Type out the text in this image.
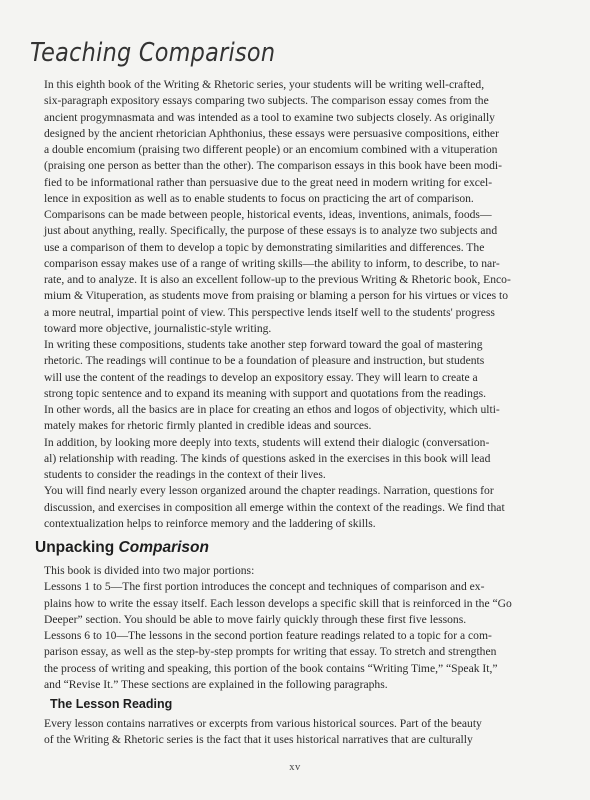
Teaching Comparison

In this eighth book of the Writing & Rhetoric series, your students will be writing well-crafted,
six-paragraph expository essays comparing two subjects. The comparison essay comes from the
ancient progymnasmata and was intended as a tool to examine two subjects closely. As originally
designed by the ancient rhetorician Aphthonius, these essays were persuasive compositions, either
a double encomium (praising two different people) or an encomium combined with a vituperation
(praising one person as better than the other). The comparison essays in this book have been modi-
fied to be informational rather than persuasive due to the great need in modern writing for excel-
lence in exposition as well as to enable students to focus on practicing the art of comparison.

Comparisons can be made between people, historical events, ideas, inventions, animals, foods—
just about anything, really. Specifically, the purpose of these essays is to analyze two subjects and
use a comparison of them to develop a topic by demonstrating similarities and differences. The
comparison essay makes use of a range of writing skills—the ability to inform, to describe, to nar-
rate, and to analyze. It is also an excellent follow-up to the previous Writing & Rhetoric book, Enco-
mium & Vituperation, as students move from praising or blaming a person for his virtues or vices to
a more neutral, impartial point of view. This perspective lends itself well to the students' progress
toward more objective, journalistic-style writing.

In writing these compositions, students take another step forward toward the goal of mastering
rhetoric. The readings will continue to be a foundation of pleasure and instruction, but students
will use the content of the readings to develop an expository essay. They will learn to create a
strong topic sentence and to expand its meaning with support and quotations from the readings.
In other words, all the basics are in place for creating an ethos and logos of objectivity, which ulti-
mately makes for rhetoric firmly planted in credible ideas and sources.

In addition, by looking more deeply into texts, students will extend their dialogic (conversation-
al) relationship with reading. The kinds of questions asked in the exercises in this book will lead
students to consider the readings in the context of their lives.

You will find nearly every lesson organized around the chapter readings. Narration, questions for
discussion, and exercises in composition all emerge within the context of the readings. We find that
contextualization helps to reinforce memory and the laddering of skills.

Unpacking Comparison

This book is divided into two major portions:

Lessons 1 to 5—The first portion introduces the concept and techniques of comparison and ex-
plains how to write the essay itself. Each lesson develops a specific skill that is reinforced in the “Go
Deeper” section. You should be able to move fairly quickly through these first five lessons.

Lessons 6 to 10—The lessons in the second portion feature readings related to a topic for a com-
parison essay, as well as the step-by-step prompts for writing that essay. To stretch and strengthen
the process of writing and speaking, this portion of the book contains “Writing Time,” “Speak It,”
and “Revise It.” These sections are explained in the following paragraphs.

The Lesson Reading

Every lesson contains narratives or excerpts from various historical sources. Part of the beauty
of the Writing & Rhetoric series is the fact that it uses historical narratives that are culturally

xv
